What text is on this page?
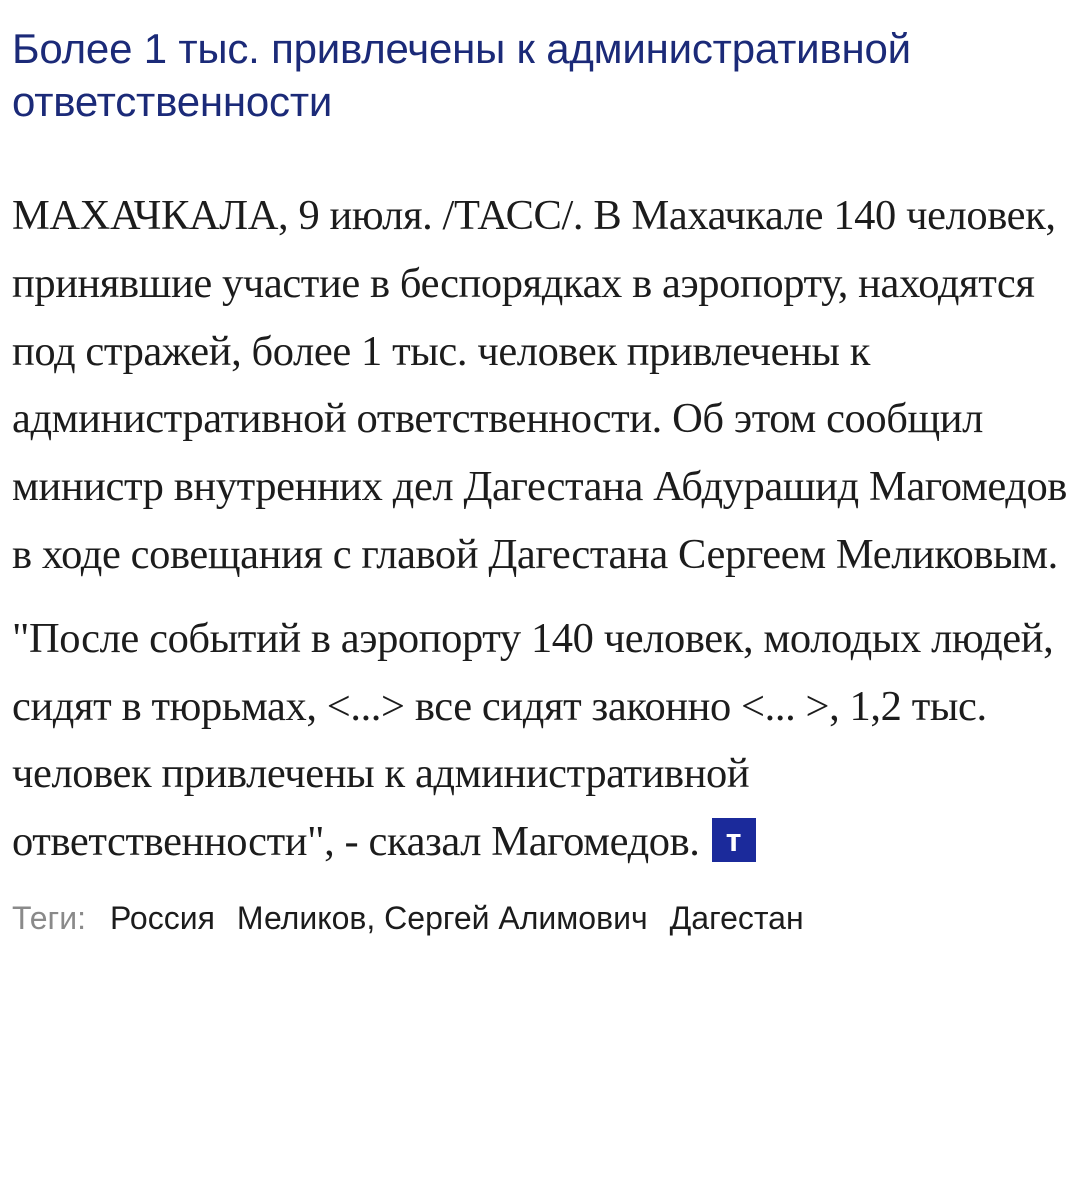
Более 1 тыс. привлечены к административной ответственности

МАХАЧКАЛА, 9 июля. /ТАСС/. В Махачкале 140 человек, принявшие участие в беспорядках в аэропорту, находятся под стражей, более 1 тыс. человек привлечены к административной ответственности. Об этом сообщил министр внутренних дел Дагестана Абдурашид Магомедов в ходе совещания с главой Дагестана Сергеем Меликовым.

"После событий в аэропорту 140 человек, молодых людей, сидят в тюрьмах, <...> все сидят законно <... >, 1,2 тыс. человек привлечены к административной ответственности", - сказал Магомедов. т

Теги: Россия Меликов, Сергей Алимович Дагестан
